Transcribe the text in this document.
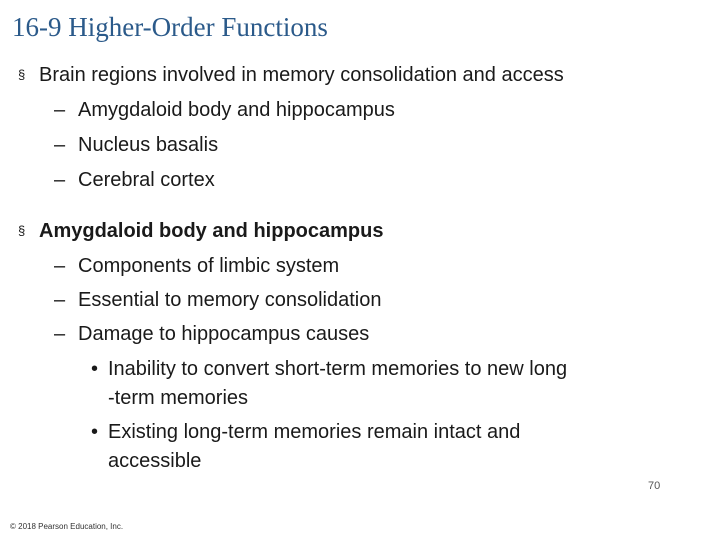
16-9 Higher-Order Functions
§ Brain regions involved in memory consolidation and access
– Amygdaloid body and hippocampus
– Nucleus basalis
– Cerebral cortex
§ Amygdaloid body and hippocampus
– Components of limbic system
– Essential to memory consolidation
– Damage to hippocampus causes
• Inability to convert short-term memories to new long
-term memories
• Existing long-term memories remain intact and
accessible
70
© 2018 Pearson Education, Inc.
